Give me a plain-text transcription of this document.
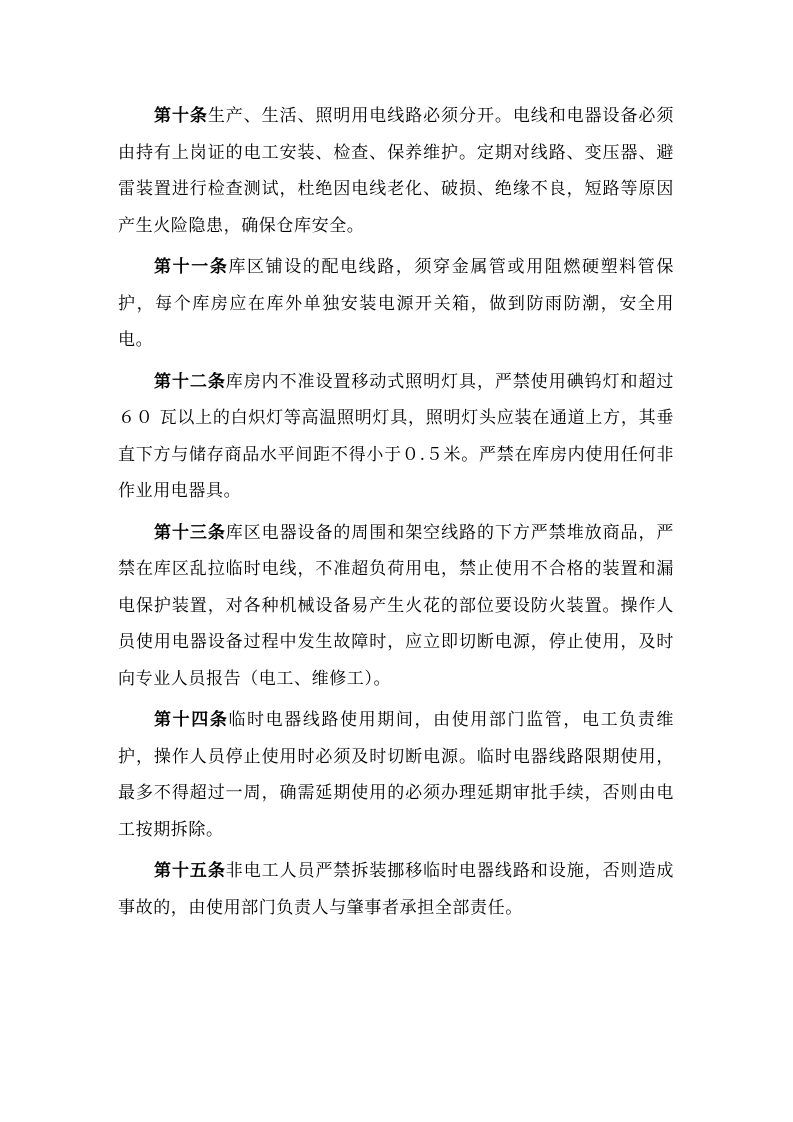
第十条生产、生活、照明用电线路必须分开。电线和电器设备必须由持有上岗证的电工安装、检查、保养维护。定期对线路、变压器、避雷装置进行检查测试，杜绝因电线老化、破损、绝缘不良，短路等原因产生火险隐患，确保仓库安全。

第十一条库区铺设的配电线路，须穿金属管或用阻燃硬塑料管保护，每个库房应在库外单独安装电源开关箱，做到防雨防潮，安全用电。

第十二条库房内不准设置移动式照明灯具，严禁使用碘钨灯和超过６０ 瓦以上的白炽灯等高温照明灯具，照明灯头应装在通道上方，其垂直下方与储存商品水平间距不得小于０.５米。严禁在库房内使用任何非作业用电器具。

第十三条库区电器设备的周围和架空线路的下方严禁堆放商品，严禁在库区乱拉临时电线，不准超负荷用电，禁止使用不合格的装置和漏电保护装置，对各种机械设备易产生火花的部位要设防火装置。操作人员使用电器设备过程中发生故障时，应立即切断电源，停止使用，及时向专业人员报告（电工、维修工）。

第十四条临时电器线路使用期间，由使用部门监管，电工负责维护，操作人员停止使用时必须及时切断电源。临时电器线路限期使用，最多不得超过一周，确需延期使用的必须办理延期审批手续，否则由电工按期拆除。

第十五条非电工人员严禁拆装挪移临时电器线路和设施，否则造成事故的，由使用部门负责人与肇事者承担全部责任。
